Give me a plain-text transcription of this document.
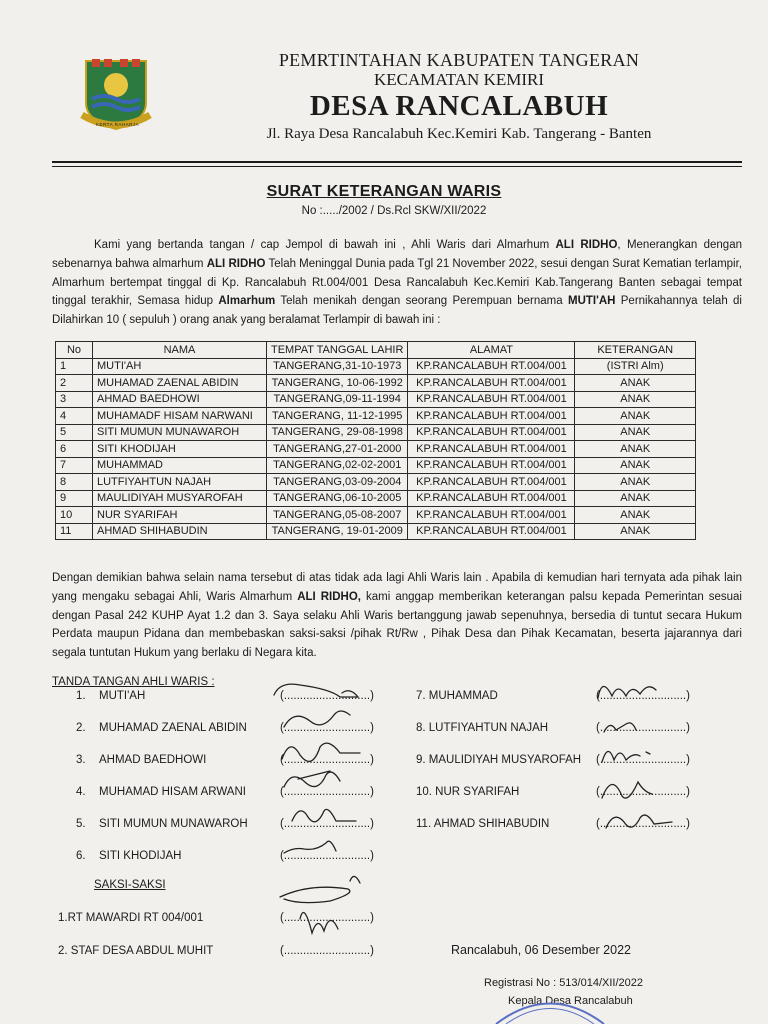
KERTA RAHARJA
PEMRTINTAHAN KABUPATEN TANGERAN
KECAMATAN KEMIRI
DESA RANCALABUH
Jl. Raya Desa Rancalabuh Kec.Kemiri Kab. Tangerang - Banten
SURAT KETERANGAN WARIS
No :...../2002 / Ds.Rcl SKW/XII/2022
Kami yang bertanda tangan / cap Jempol di bawah ini , Ahli Waris dari Almarhum ALI RIDHO, Menerangkan dengan sebenarnya bahwa almarhum ALI RIDHO Telah Meninggal Dunia pada Tgl 21 November 2022, sesui dengan Surat Kematian terlampir, Almarhum bertempat tinggal di Kp. Rancalabuh Rt.004/001 Desa Rancalabuh Kec.Kemiri Kab.Tangerang Banten sebagai tempat tinggal terakhir, Semasa hidup Almarhum Telah menikah dengan seorang Perempuan bernama MUTI'AH Pernikahannya telah di Dilahirkan 10 ( sepuluh ) orang anak yang beralamat Terlampir di bawah ini :
No	NAMA	TEMPAT TANGGAL LAHIR	ALAMAT	KETERANGAN
1	MUTI'AH	TANGERANG,31-10-1973	KP.RANCALABUH RT.004/001	(ISTRI Alm)
2	MUHAMAD ZAENAL ABIDIN	TANGERANG, 10-06-1992	KP.RANCALABUH RT.004/001	ANAK
3	AHMAD BAEDHOWI	TANGERANG,09-11-1994	KP.RANCALABUH RT.004/001	ANAK
4	MUHAMADF HISAM NARWANI	TANGERANG, 11-12-1995	KP.RANCALABUH RT.004/001	ANAK
5	SITI MUMUN MUNAWAROH	TANGERANG, 29-08-1998	KP.RANCALABUH RT.004/001	ANAK
6	SITI KHODIJAH	TANGERANG,27-01-2000	KP.RANCALABUH RT.004/001	ANAK
7	MUHAMMAD	TANGERANG,02-02-2001	KP.RANCALABUH RT.004/001	ANAK
8	LUTFIYAHTUN NAJAH	TANGERANG,03-09-2004	KP.RANCALABUH RT.004/001	ANAK
9	MAULIDIYAH MUSYAROFAH	TANGERANG,06-10-2005	KP.RANCALABUH RT.004/001	ANAK
10	NUR SYARIFAH	TANGERANG,05-08-2007	KP.RANCALABUH RT.004/001	ANAK
11	AHMAD SHIHABUDIN	TANGERANG, 19-01-2009	KP.RANCALABUH RT.004/001	ANAK
Dengan demikian bahwa selain nama tersebut di atas tidak ada lagi Ahli Waris lain . Apabila di kemudian hari ternyata ada pihak lain yang mengaku sebagai Ahli, Waris Almarhum ALI RIDHO, kami anggap memberikan keterangan palsu kepada Pemerintan sesuai dengan Pasal 242 KUHP Ayat 1.2 dan 3. Saya selaku Ahli Waris bertanggung jawab sepenuhnya, bersedia di tuntut secara Hukum Perdata maupun Pidana dan membebaskan saksi-saksi /pihak Rt/Rw , Pihak Desa dan Pihak Kecamatan, beserta jajarannya dari segala tuntutan Hukum yang berlaku di Negara kita.
TANDA TANGAN AHLI WARIS :
1. MUTI'AH	(...........................)
2. MUHAMAD ZAENAL ABIDIN	(...........................)
3. AHMAD BAEDHOWI	(...........................)
4. MUHAMAD HISAM ARWANI	(...........................)
5. SITI MUMUN MUNAWAROH	(...........................)
6. SITI KHODIJAH	(...........................)
7. MUHAMMAD	(...........................)
8. LUTFIYAHTUN NAJAH	(...........................)
9. MAULIDIYAH MUSYAROFAH (...........................)
10. NUR SYARIFAH	(...........................)
11. AHMAD SHIHABUDIN	(...........................)
SAKSI-SAKSI
1.RT MAWARDI RT 004/001	(...........................)
2. STAF DESA ABDUL MUHIT	(...........................)	Rancalabuh, 06 Desember 2022
Registrasi No : 513/014/XII/2022
Kepala Desa Rancalabuh
